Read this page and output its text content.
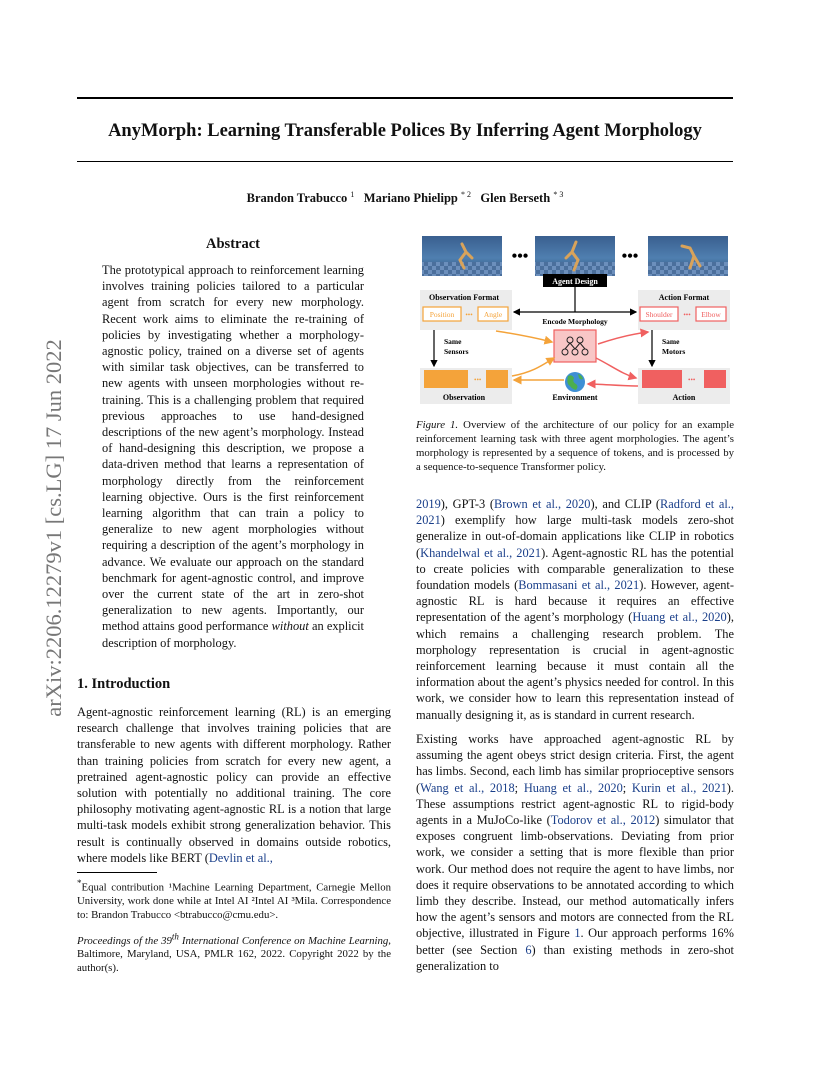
AnyMorph: Learning Transferable Polices By Inferring Agent Morphology
Brandon Trabucco $^1$ Mariano Phielipp $^{* 2}$ Glen Berseth $^{* 3}$
arXiv:2206.12279v1 [cs.LG] 17 Jun 2022
Abstract
The prototypical approach to reinforcement learning involves training policies tailored to a particular agent from scratch for every new morphology. Recent work aims to eliminate the re-training of policies by investigating whether a morphology-agnostic policy, trained on a diverse set of agents with similar task objectives, can be transferred to new agents with unseen morphologies without re-training. This is a challenging problem that required previous approaches to use hand-designed descriptions of the new agent’s morphology. Instead of hand-designing this description, we propose a data-driven method that learns a representation of morphology directly from the reinforcement learning objective. Ours is the first reinforcement learning algorithm that can train a policy to generalize to new agent morphologies without requiring a description of the agent’s morphology in advance. We evaluate our approach on the standard benchmark for agent-agnostic control, and improve over the current state of the art in zero-shot generalization to new agents. Importantly, our method attains good performance without an explicit description of morphology.
1. Introduction
Agent-agnostic reinforcement learning (RL) is an emerging research challenge that involves training policies that are transferable to new agents with different morphology. Rather than training policies from scratch for every new agent, a pretrained agent-agnostic policy can provide an effective solution with potentially no additional training. The core philosophy motivating agent-agnostic RL is a notion that large multi-task models exhibit strong generalization behavior. This result is continually observed in domains outside robotics, where models like BERT (Devlin et al.,
*Equal contribution ¹Machine Learning Department, Carnegie Mellon University, work done while at Intel AI ²Intel AI ³Mila. Correspondence to: Brandon Trabucco <btrabucco@cmu.edu>.
Proceedings of the 39th International Conference on Machine Learning, Baltimore, Maryland, USA, PMLR 162, 2022. Copyright 2022 by the author(s).
•••	•••
Agent Design
Observation Format	Action Format
Position ••• Angle	Shoulder ••• Elbow
Encode Morphology
Same
Sensors
Same
Motors
•••	•••
Observation	Action
Environment
Figure 1. Overview of the architecture of our policy for an example reinforcement learning task with three agent morphologies. The agent’s morphology is represented by a sequence of tokens, and is processed by a sequence-to-sequence Transformer policy.
2019), GPT-3 (Brown et al., 2020), and CLIP (Radford et al., 2021) exemplify how large multi-task models zero-shot generalize in out-of-domain applications like CLIP in robotics (Khandelwal et al., 2021). Agent-agnostic RL has the potential to create policies with comparable generalization to these foundation models (Bommasani et al., 2021). However, agent-agnostic RL is hard because it requires an effective representation of the agent’s morphology (Huang et al., 2020), which remains a challenging research problem. The morphology representation is crucial in agent-agnostic reinforcement learning because it must contain all the information about the agent’s physics needed for control. In this work, we consider how to learn this representation instead of manually designing it, as is standard in current research.
Existing works have approached agent-agnostic RL by assuming the agent obeys strict design criteria. First, the agent has limbs. Second, each limb has similar proprioceptive sensors (Wang et al., 2018; Huang et al., 2020; Kurin et al., 2021). These assumptions restrict agent-agnostic RL to rigid-body agents in a MuJoCo-like (Todorov et al., 2012) simulator that exposes congruent limb-observations. Deviating from prior work, we consider a setting that is more flexible than prior work. Our method does not require the agent to have limbs, nor does it require observations to be annotated according to which limb they describe. Instead, our method automatically infers how the agent’s sensors and motors are connected from the RL objective, illustrated in Figure 1. Our approach performs 16% better (see Section 6) than existing methods in zero-shot generalization to
